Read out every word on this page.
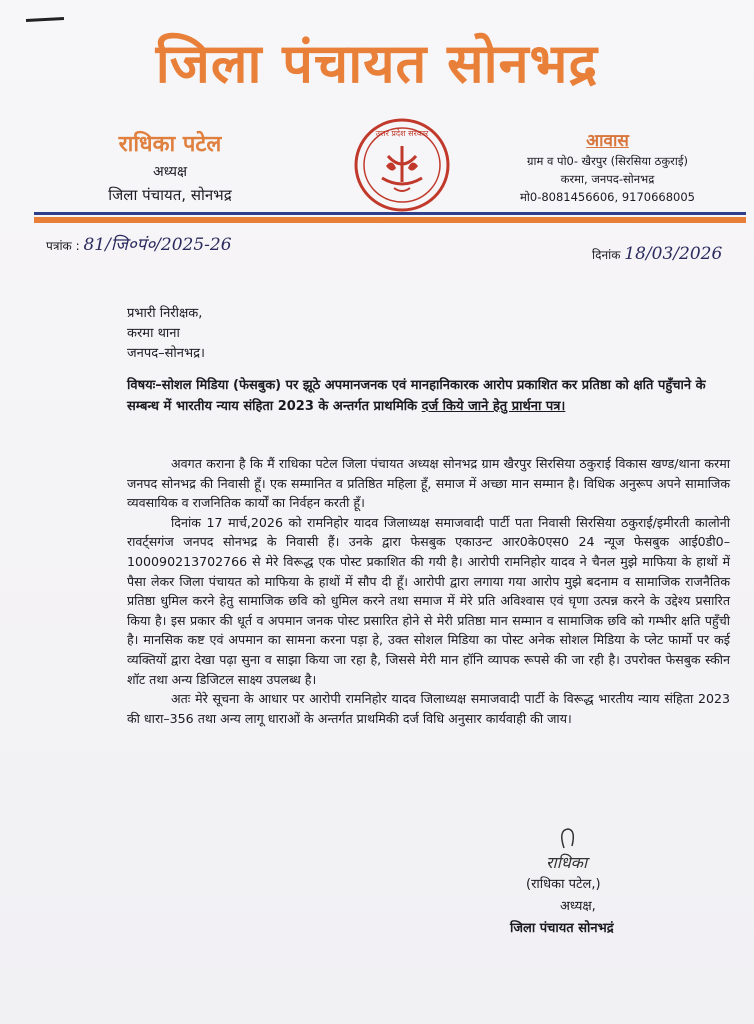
जिला पंचायत सोनभद्र
राधिका पटेल
अध्यक्ष
जिला पंचायत, सोनभद्र
उत्तर प्रदेश सरकार	आवास
ग्राम व पो0- खैरपुर (सिरसिया ठकुराई)
करमा, जनपद-सोनभद्र
मो0-8081456606, 9170668005
पत्रांक : 81/जि०पं०/2025-26	दिनांक 18/03/2026
प्रभारी निरीक्षक,
करमा थाना
जनपद–सोनभद्र।
विषयः–सोशल मिडिया (फेसबुक) पर झूठे अपमानजनक एवं मानहानिकारक आरोप प्रकाशित कर प्रतिष्ठा को क्षति पहुँचाने के सम्बन्ध में भारतीय न्याय संहिता 2023 के अन्तर्गत प्राथमिकि दर्ज किये जाने हेतु प्रार्थना पत्र।

अवगत कराना है कि मैं राधिका पटेल जिला पंचायत अध्यक्ष सोनभद्र ग्राम खैरपुर सिरसिया ठकुराई विकास खण्ड/थाना करमा जनपद सोनभद्र की निवासी हूँ। एक सम्मानित व प्रतिष्ठित महिला हूँ, समाज में अच्छा मान सम्मान है। विधिक अनुरूप अपने सामाजिक व्यवसायिक व राजनितिक कार्यों का निर्वहन करती हूँ।

दिनांक 17 मार्च,2026 को रामनिहोर यादव जिलाध्यक्ष समाजवादी पार्टी पता निवासी सिरसिया ठकुराई/इमीरती कालोनी रावर्ट्सगंज जनपद सोनभद्र के निवासी हैं। उनके द्वारा फेसबुक एकाउन्ट आर0के0एस0 24 न्यूज फेसबुक आई0डी0–100090213702766 से मेरे विरूद्ध एक पोस्ट प्रकाशित की गयी है। आरोपी रामनिहोर यादव ने चैनल मुझे माफिया के हाथों में पैसा लेकर जिला पंचायत को माफिया के हाथों में सौप दी हूँ। आरोपी द्वारा लगाया गया आरोप मुझे बदनाम व सामाजिक राजनैतिक प्रतिष्ठा धुमिल करने हेतु सामाजिक छवि को धुमिल करने तथा समाज में मेरे प्रति अविश्वास एवं घृणा उत्पन्न करने के उद्देश्य प्रसारित किया है। इस प्रकार की धूर्त व अपमान जनक पोस्ट प्रसारित होने से मेरी प्रतिष्ठा मान सम्मान व सामाजिक छवि को गम्भीर क्षति पहुँची है। मानसिक कष्ट एवं अपमान का सामना करना पड़ा हे, उक्त सोशल मिडिया का पोस्ट अनेक सोशल मिडिया के प्लेट फार्मो पर कई व्यक्तियों द्वारा देखा पढ़ा सुना व साझा किया जा रहा है, जिससे मेरी मान हॉनि व्यापक रूपसे की जा रही है। उपरोक्त फेसबुक स्कीन शॉट तथा अन्य डिजिटल साक्ष्य उपलब्ध है।

अतः मेरे सूचना के आधार पर आरोपी रामनिहोर यादव जिलाध्यक्ष समाजवादी पार्टी के विरूद्ध भारतीय न्याय संहिता 2023 की धारा–356 तथा अन्य लागू धाराओं के अन्तर्गत प्राथमिकी दर्ज विधि अनुसार कार्यवाही की जाय।

राधिका
(राधिका पटेल,)
अध्यक्ष,
जिला पंचायत सोनभद्रं
